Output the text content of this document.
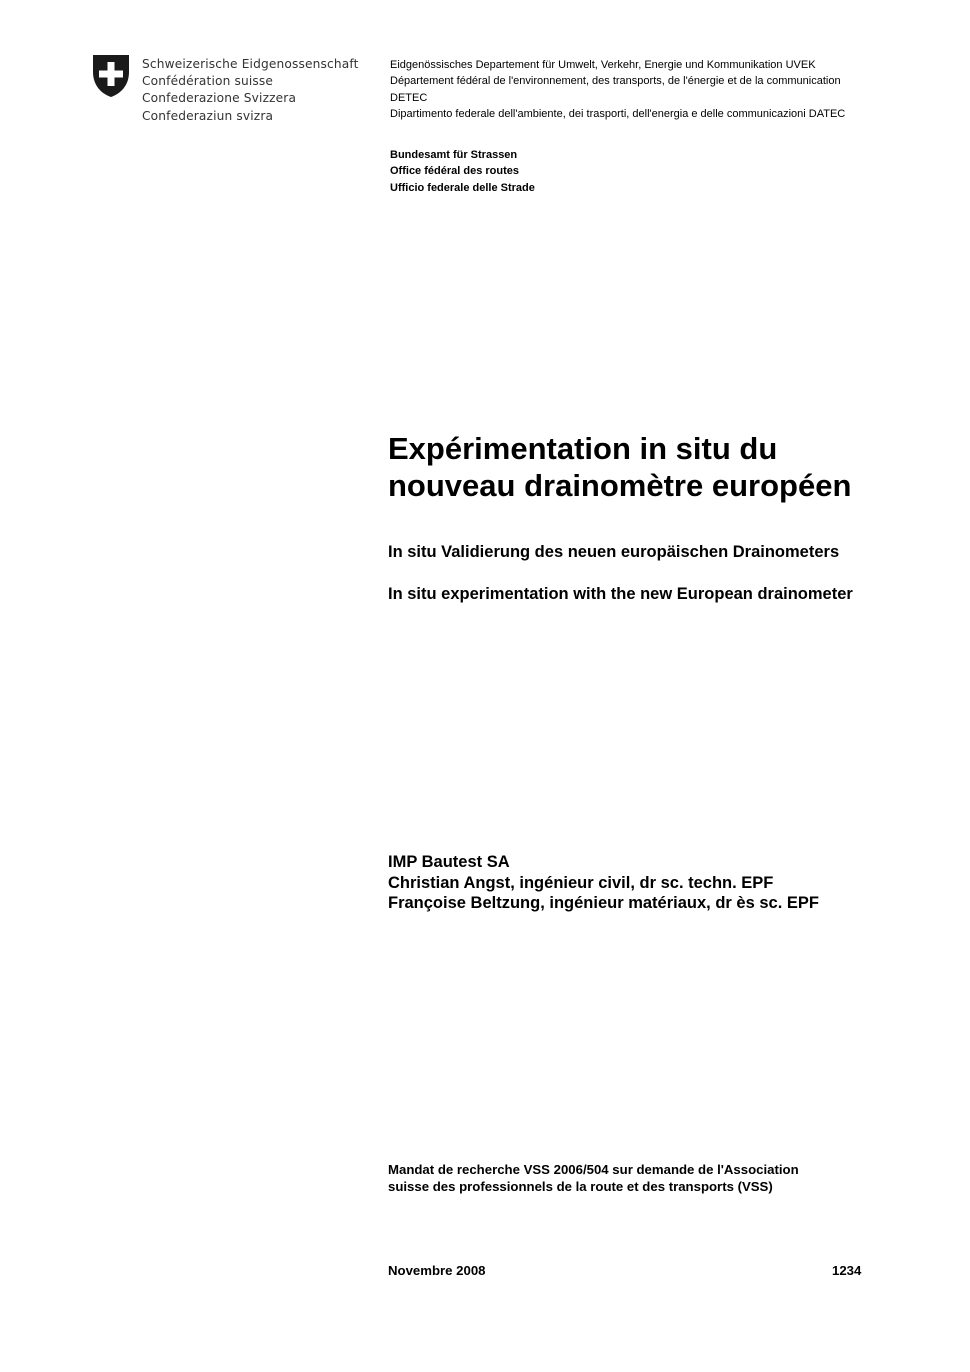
Schweizerische Eidgenossenschaft
Confédération suisse
Confederazione Svizzera
Confederaziun svizra
Eidgenössisches Departement für Umwelt, Verkehr, Energie und Kommunikation UVEK
Département fédéral de l'environnement, des transports, de l'énergie et de la communication DETEC
Dipartimento federale dell'ambiente, dei trasporti, dell'energia e delle communicazioni DATEC
Bundesamt für Strassen
Office fédéral des routes
Ufficio federale delle Strade
Expérimentation in situ du
nouveau drainomètre européen
In situ Validierung des neuen europäischen Drainometers
In situ experimentation with the new European drainometer
IMP Bautest SA
Christian Angst, ingénieur civil, dr sc. techn. EPF
Françoise Beltzung, ingénieur matériaux, dr ès sc. EPF
Mandat de recherche VSS 2006/504 sur demande de l'Association
suisse des professionnels de la route et des transports (VSS)
Novembre 2008	1234
